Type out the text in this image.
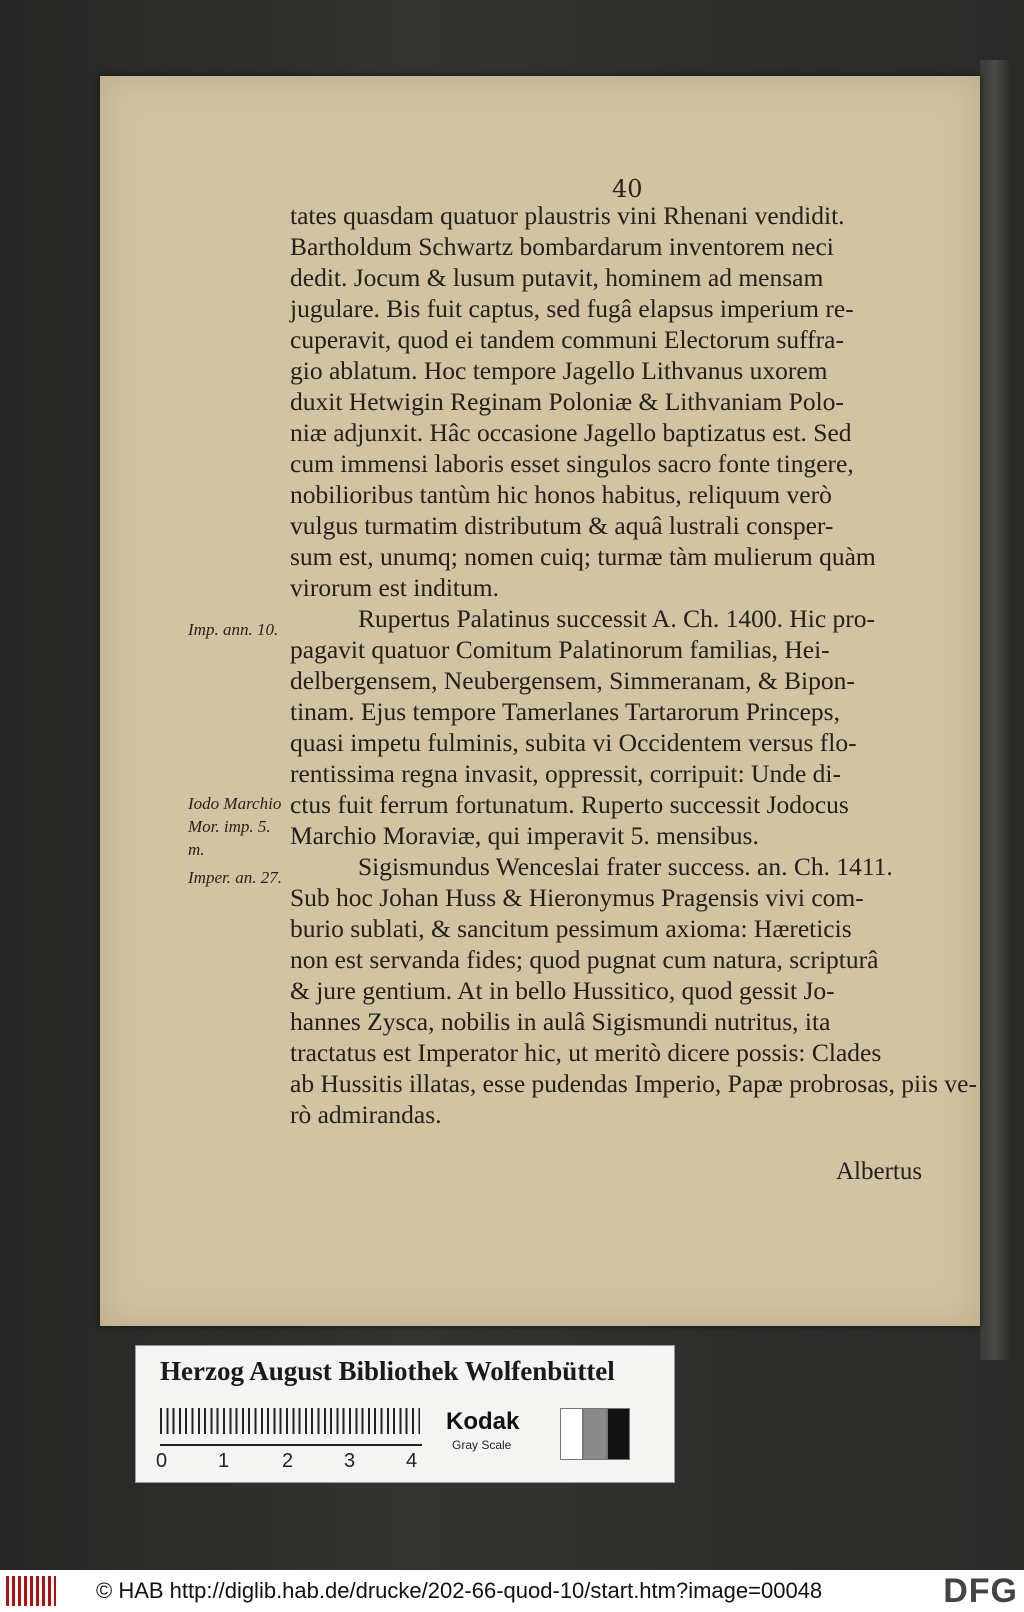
40
tates quasdam quatuor plaustris vini Rhenani vendidit.
Bartholdum Schwartz bombardarum inventorem neci
dedit. Jocum & lusum putavit, hominem ad mensam
jugulare. Bis fuit captus, sed fugâ elapsus imperium re-
cuperavit, quod ei tandem communi Electorum suffra-
gio ablatum. Hoc tempore Jagello Lithvanus uxorem
duxit Hetwigin Reginam Poloniæ & Lithvaniam Polo-
niæ adjunxit. Hâc occasione Jagello baptizatus est. Sed
cum immensi laboris esset singulos sacro fonte tingere,
nobilioribus tantùm hic honos habitus, reliquum verò
vulgus turmatim distributum & aquâ lustrali consper-
sum est, unumq; nomen cuiq; turmæ tàm mulierum quàm
virorum est inditum.
Rupertus Palatinus successit A. Ch. 1400. Hic pro-
pagavit quatuor Comitum Palatinorum familias, Hei-
delbergensem, Neubergensem, Simmeranam, & Bipon-
tinam. Ejus tempore Tamerlanes Tartarorum Princeps,
quasi impetu fulminis, subita vi Occidentem versus flo-
rentissima regna invasit, oppressit, corripuit: Unde di-
ctus fuit ferrum fortunatum. Ruperto successit Jodocus
Marchio Moraviæ, qui imperavit 5. mensibus.
Sigismundus Wenceslai frater success. an. Ch. 1411.
Sub hoc Johan Huss & Hieronymus Pragensis vivi com-
burio sublati, & sancitum pessimum axioma: Hæreticis
non est servanda fides; quod pugnat cum natura, scripturâ
& jure gentium. At in bello Hussitico, quod gessit Jo-
hannes Zysca, nobilis in aulâ Sigismundi nutritus, ita
tractatus est Imperator hic, ut meritò dicere possis: Clades
ab Hussitis illatas, esse pudendas Imperio, Papæ probrosas, piis ve-
rò admirandas.
Albertus
Imp. ann. 10.
Iodo Marchio Mor. imp. 5. m.
Imper. an. 27.
Herzog August Bibliothek Wolfenbüttel
0	1	2	3	4
Kodak
Gray Scale
© HAB http://diglib.hab.de/drucke/202-66-quod-10/start.htm?image=00048	DFG
